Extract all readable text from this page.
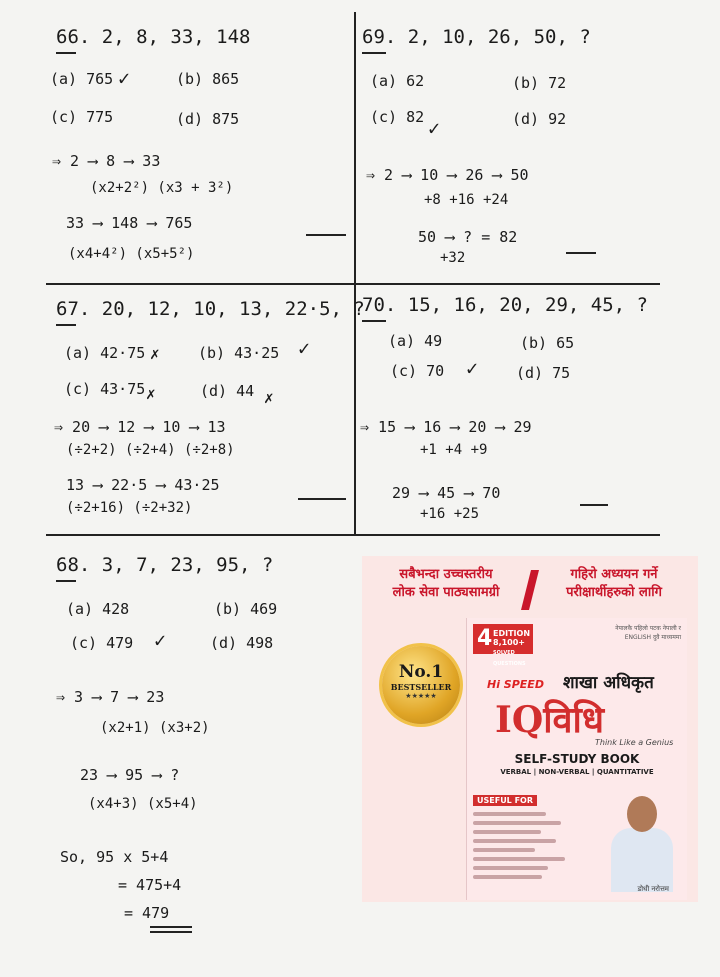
66. 2, 8, 33, 148
(a) 765 ✓	(b) 865
(c) 775	(d) 875
⇒ 2 ⟶ 8 ⟶ 33
(x2+2²) (x3 + 3²)
33 ⟶ 148 ⟶ 765
(x4+4²) (x5+5²)
69. 2, 10, 26, 50, ?
(a) 62	(b) 72
(c) 82 ✓	(d) 92
⇒ 2 ⟶ 10 ⟶ 26 ⟶ 50
+8 +16 +24
50 ⟶ ? = 82
+32
67. 20, 12, 10, 13, 22·5, ?
(a) 42·75 ✗	(b) 43·25 ✓
(c) 43·75 ✗	(d) 44 ✗
⇒ 20 ⟶ 12 ⟶ 10 ⟶ 13
(÷2+2) (÷2+4) (÷2+8)
13 ⟶ 22·5 ⟶ 43·25
(÷2+16) (÷2+32)
70. 15, 16, 20, 29, 45, ?
(a) 49	(b) 65
(c) 70 ✓	(d) 75
⇒ 15 ⟶ 16 ⟶ 20 ⟶ 29
+1 +4 +9
29 ⟶ 45 ⟶ 70
+16 +25
68. 3, 7, 23, 95, ?
(a) 428	(b) 469
(c) 479 ✓	(d) 498
⇒ 3 ⟶ 7 ⟶ 23
(x2+1) (x3+2)
23 ⟶ 95 ⟶ ?
(x4+3) (x5+4)
So, 95 x 5+4
= 475+4
= 479
सबैभन्दा उच्चस्तरीय
लोक सेवा पाठ्यसामग्री
गहिरो अध्ययन गर्ने
परीक्षार्थीहरुको लागि
No.1
BESTSELLER
★★★★★
4 EDITION
8,100+
SOLVED QUESTIONS
नेपालकै पहिलो पटक नेपाली र ENGLISH दुवै माध्यममा
Hi SPEED शाखा अधिकृत
IQविधि
Think Like a Genius
SELF-STUDY BOOK
VERBAL | NON-VERBAL | QUANTITATIVE
USEFUL FOR
डोधी नरोत्तम
